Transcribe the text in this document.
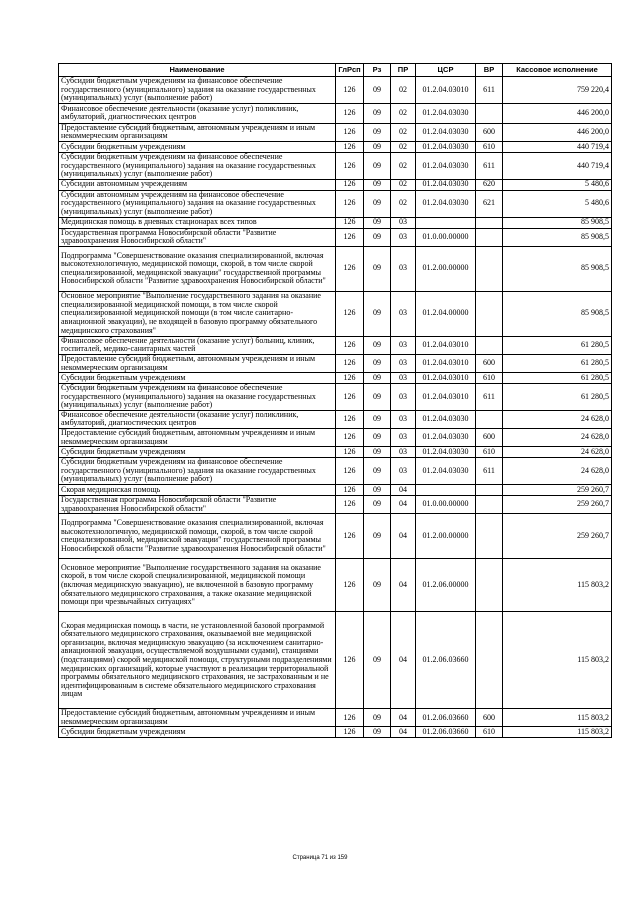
Наименование	ГлРсп	Рз	ПР	ЦСР	ВР	Кассовое исполнение
Субсидии бюджетным учреждениям на финансовое обеспечение государственного (муниципального) задания на оказание государственных (муниципальных) услуг (выполнение работ)	126	09	02	01.2.04.03010	611	759 220,4
Финансовое обеспечение деятельности (оказание услуг) поликлиник, амбулаторий, диагностических центров	126	09	02	01.2.04.03030		446 200,0
Предоставление субсидий бюджетным, автономным учреждениям и иным некоммерческим организациям	126	09	02	01.2.04.03030	600	446 200,0
Субсидии бюджетным учреждениям	126	09	02	01.2.04.03030	610	440 719,4
Субсидии бюджетным учреждениям на финансовое обеспечение государственного (муниципального) задания на оказание государственных (муниципальных) услуг (выполнение работ)	126	09	02	01.2.04.03030	611	440 719,4
Субсидии автономным учреждениям	126	09	02	01.2.04.03030	620	5 480,6
Субсидии автономным учреждениям на финансовое обеспечение государственного (муниципального) задания на оказание государственных (муниципальных) услуг (выполнение работ)	126	09	02	01.2.04.03030	621	5 480,6
Медицинская помощь в дневных стационарах всех типов	126	09	03			85 908,5
Государственная программа Новосибирской области "Развитие здравоохранения Новосибирской области"	126	09	03	01.0.00.00000		85 908,5
Подпрограмма "Совершенствование оказания специализированной, включая высокотехнологичную, медицинской помощи, скорой, в том числе скорой специализированной, медицинской эвакуации" государственной программы Новосибирской области "Развитие здравоохранения Новосибирской области"	126	09	03	01.2.00.00000		85 908,5
Основное мероприятие "Выполнение государственного задания на оказание специализированной медицинской помощи, в том числе скорой специализированной медицинской помощи (в том числе санитарно-авиационной эвакуации), не входящей в базовую программу обязательного медицинского страхования"	126	09	03	01.2.04.00000		85 908,5
Финансовое обеспечение деятельности (оказание услуг) больниц, клиник, госпиталей, медико-санитарных частей	126	09	03	01.2.04.03010		61 280,5
Предоставление субсидий бюджетным, автономным учреждениям и иным некоммерческим организациям	126	09	03	01.2.04.03010	600	61 280,5
Субсидии бюджетным учреждениям	126	09	03	01.2.04.03010	610	61 280,5
Субсидии бюджетным учреждениям на финансовое обеспечение государственного (муниципального) задания на оказание государственных (муниципальных) услуг (выполнение работ)	126	09	03	01.2.04.03010	611	61 280,5
Финансовое обеспечение деятельности (оказание услуг) поликлиник, амбулаторий, диагностических центров	126	09	03	01.2.04.03030		24 628,0
Предоставление субсидий бюджетным, автономным учреждениям и иным некоммерческим организациям	126	09	03	01.2.04.03030	600	24 628,0
Субсидии бюджетным учреждениям	126	09	03	01.2.04.03030	610	24 628,0
Субсидии бюджетным учреждениям на финансовое обеспечение государственного (муниципального) задания на оказание государственных (муниципальных) услуг (выполнение работ)	126	09	03	01.2.04.03030	611	24 628,0
Скорая медицинская помощь	126	09	04			259 260,7
Государственная программа Новосибирской области "Развитие здравоохранения Новосибирской области"	126	09	04	01.0.00.00000		259 260,7
Подпрограмма "Совершенствование оказания специализированной, включая высокотехнологичную, медицинской помощи, скорой, в том числе скорой специализированной, медицинской эвакуации" государственной программы Новосибирской области "Развитие здравоохранения Новосибирской области"	126	09	04	01.2.00.00000		259 260,7
Основное мероприятие "Выполнение государственного задания на оказание скорой, в том числе скорой специализированной, медицинской помощи (включая медицинскую эвакуацию), не включенной в базовую программу обязательного медицинского страхования, а также оказание медицинской помощи при чрезвычайных ситуациях"	126	09	04	01.2.06.00000		115 803,2
Скорая медицинская помощь в части, не установленной базовой программой обязательного медицинского страхования, оказываемой вне медицинской организации, включая медицинскую эвакуацию (за исключением санитарно-авиационной эвакуации, осуществляемой воздушными судами), станциями (подстанциями) скорой медицинской помощи, структурными подразделениями медицинских организаций, которые участвуют в реализации территориальной программы обязательного медицинского страхования, не застрахованным и не идентифицированным в системе обязательного медицинского страхования лицам	126	09	04	01.2.06.03660		115 803,2
Предоставление субсидий бюджетным, автономным учреждениям и иным некоммерческим организациям	126	09	04	01.2.06.03660	600	115 803,2
Субсидии бюджетным учреждениям	126	09	04	01.2.06.03660	610	115 803,2
Страница 71 из 159
